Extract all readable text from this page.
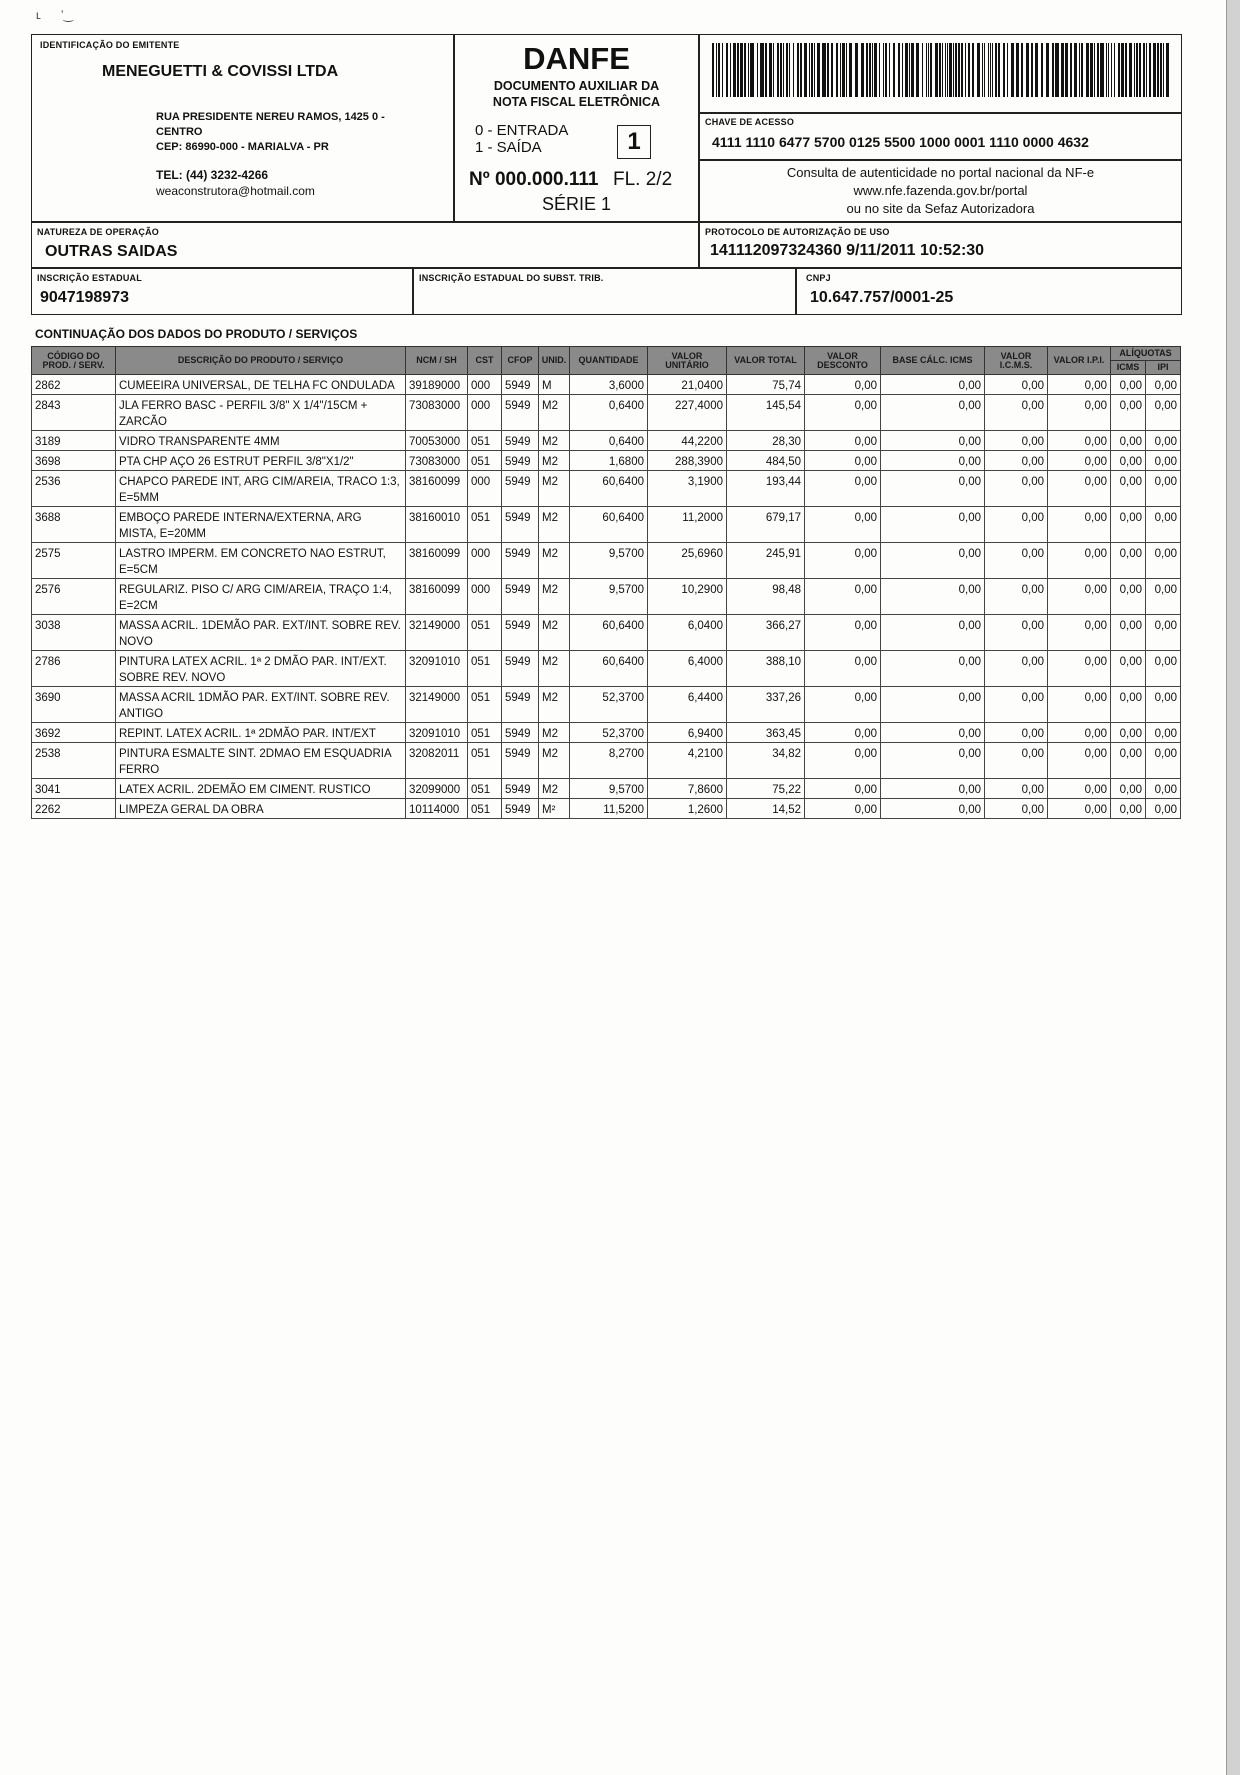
ʟ      ʼ‿
IDENTIFICAÇÃO DO EMITENTE
MENEGUETTI & COVISSI LTDA
RUA PRESIDENTE NEREU RAMOS, 1425 0 -
CENTRO
CEP: 86990-000 - MARIALVA - PR
TEL: (44) 3232-4266
weaconstrutora@hotmail.com
DANFE
DOCUMENTO AUXILIAR DA
NOTA FISCAL ELETRÔNICA
0 - ENTRADA
1 - SAÍDA	1
Nº 000.000.111 FL. 2/2
SÉRIE 1
CHAVE DE ACESSO
4111 1110 6477 5700 0125 5500 1000 0001 1110 0000 4632
Consulta de autenticidade no portal nacional da NF-e
www.nfe.fazenda.gov.br/portal
ou no site da Sefaz Autorizadora
NATUREZA DE OPERAÇÃO
OUTRAS SAIDAS
PROTOCOLO DE AUTORIZAÇÃO DE USO
141112097324360 9/11/2011 10:52:30
INSCRIÇÃO ESTADUAL
9047198973
INSCRIÇÃO ESTADUAL DO SUBST. TRIB.	CNPJ
10.647.757/0001-25
CONTINUAÇÃO DOS DADOS DO PRODUTO / SERVIÇOS
CÓDIGO DO PROD. / SERV.	DESCRIÇÃO DO PRODUTO / SERVIÇO	NCM / SH	CST	CFOP	UNID.	QUANTIDADE	VALOR UNITÁRIO	VALOR TOTAL	VALOR DESCONTO	BASE CÁLC. ICMS	VALOR I.C.M.S.	VALOR I.P.I.	ALÍQUOTAS	
													ICMS	IPI
2862	CUMEEIRA UNIVERSAL, DE TELHA FC ONDULADA	39189000	000	5949	M	3,6000	21,0400	75,74	0,00	0,00	0,00	0,00	0,00	0,00
2843	JLA FERRO BASC - PERFIL 3/8" X 1/4"/15CM + ZARCÃO	73083000	000	5949	M2	0,6400	227,4000	145,54	0,00	0,00	0,00	0,00	0,00	0,00
3189	VIDRO TRANSPARENTE 4MM	70053000	051	5949	M2	0,6400	44,2200	28,30	0,00	0,00	0,00	0,00	0,00	0,00
3698	PTA CHP AÇO 26 ESTRUT PERFIL 3/8"X1/2"	73083000	051	5949	M2	1,6800	288,3900	484,50	0,00	0,00	0,00	0,00	0,00	0,00
2536	CHAPCO PAREDE INT, ARG CIM/AREIA, TRACO 1:3, E=5MM	38160099	000	5949	M2	60,6400	3,1900	193,44	0,00	0,00	0,00	0,00	0,00	0,00
3688	EMBOÇO PAREDE INTERNA/EXTERNA, ARG MISTA, E=20MM	38160010	051	5949	M2	60,6400	11,2000	679,17	0,00	0,00	0,00	0,00	0,00	0,00
2575	LASTRO IMPERM. EM CONCRETO NAO ESTRUT, E=5CM	38160099	000	5949	M2	9,5700	25,6960	245,91	0,00	0,00	0,00	0,00	0,00	0,00
2576	REGULARIZ. PISO C/ ARG CIM/AREIA, TRAÇO 1:4, E=2CM	38160099	000	5949	M2	9,5700	10,2900	98,48	0,00	0,00	0,00	0,00	0,00	0,00
3038	MASSA ACRIL. 1DEMÃO PAR. EXT/INT. SOBRE REV. NOVO	32149000	051	5949	M2	60,6400	6,0400	366,27	0,00	0,00	0,00	0,00	0,00	0,00
2786	PINTURA LATEX ACRIL. 1ª 2 DMÃO PAR. INT/EXT. SOBRE REV. NOVO	32091010	051	5949	M2	60,6400	6,4000	388,10	0,00	0,00	0,00	0,00	0,00	0,00
3690	MASSA ACRIL 1DMÃO PAR. EXT/INT. SOBRE REV. ANTIGO	32149000	051	5949	M2	52,3700	6,4400	337,26	0,00	0,00	0,00	0,00	0,00	0,00
3692	REPINT. LATEX ACRIL. 1ª 2DMÃO PAR. INT/EXT	32091010	051	5949	M2	52,3700	6,9400	363,45	0,00	0,00	0,00	0,00	0,00	0,00
2538	PINTURA ESMALTE SINT. 2DMAO EM ESQUADRIA FERRO	32082011	051	5949	M2	8,2700	4,2100	34,82	0,00	0,00	0,00	0,00	0,00	0,00
3041	LATEX ACRIL. 2DEMÃO EM CIMENT. RUSTICO	32099000	051	5949	M2	9,5700	7,8600	75,22	0,00	0,00	0,00	0,00	0,00	0,00
2262	LIMPEZA GERAL DA OBRA	10114000	051	5949	M²	11,5200	1,2600	14,52	0,00	0,00	0,00	0,00	0,00	0,00
